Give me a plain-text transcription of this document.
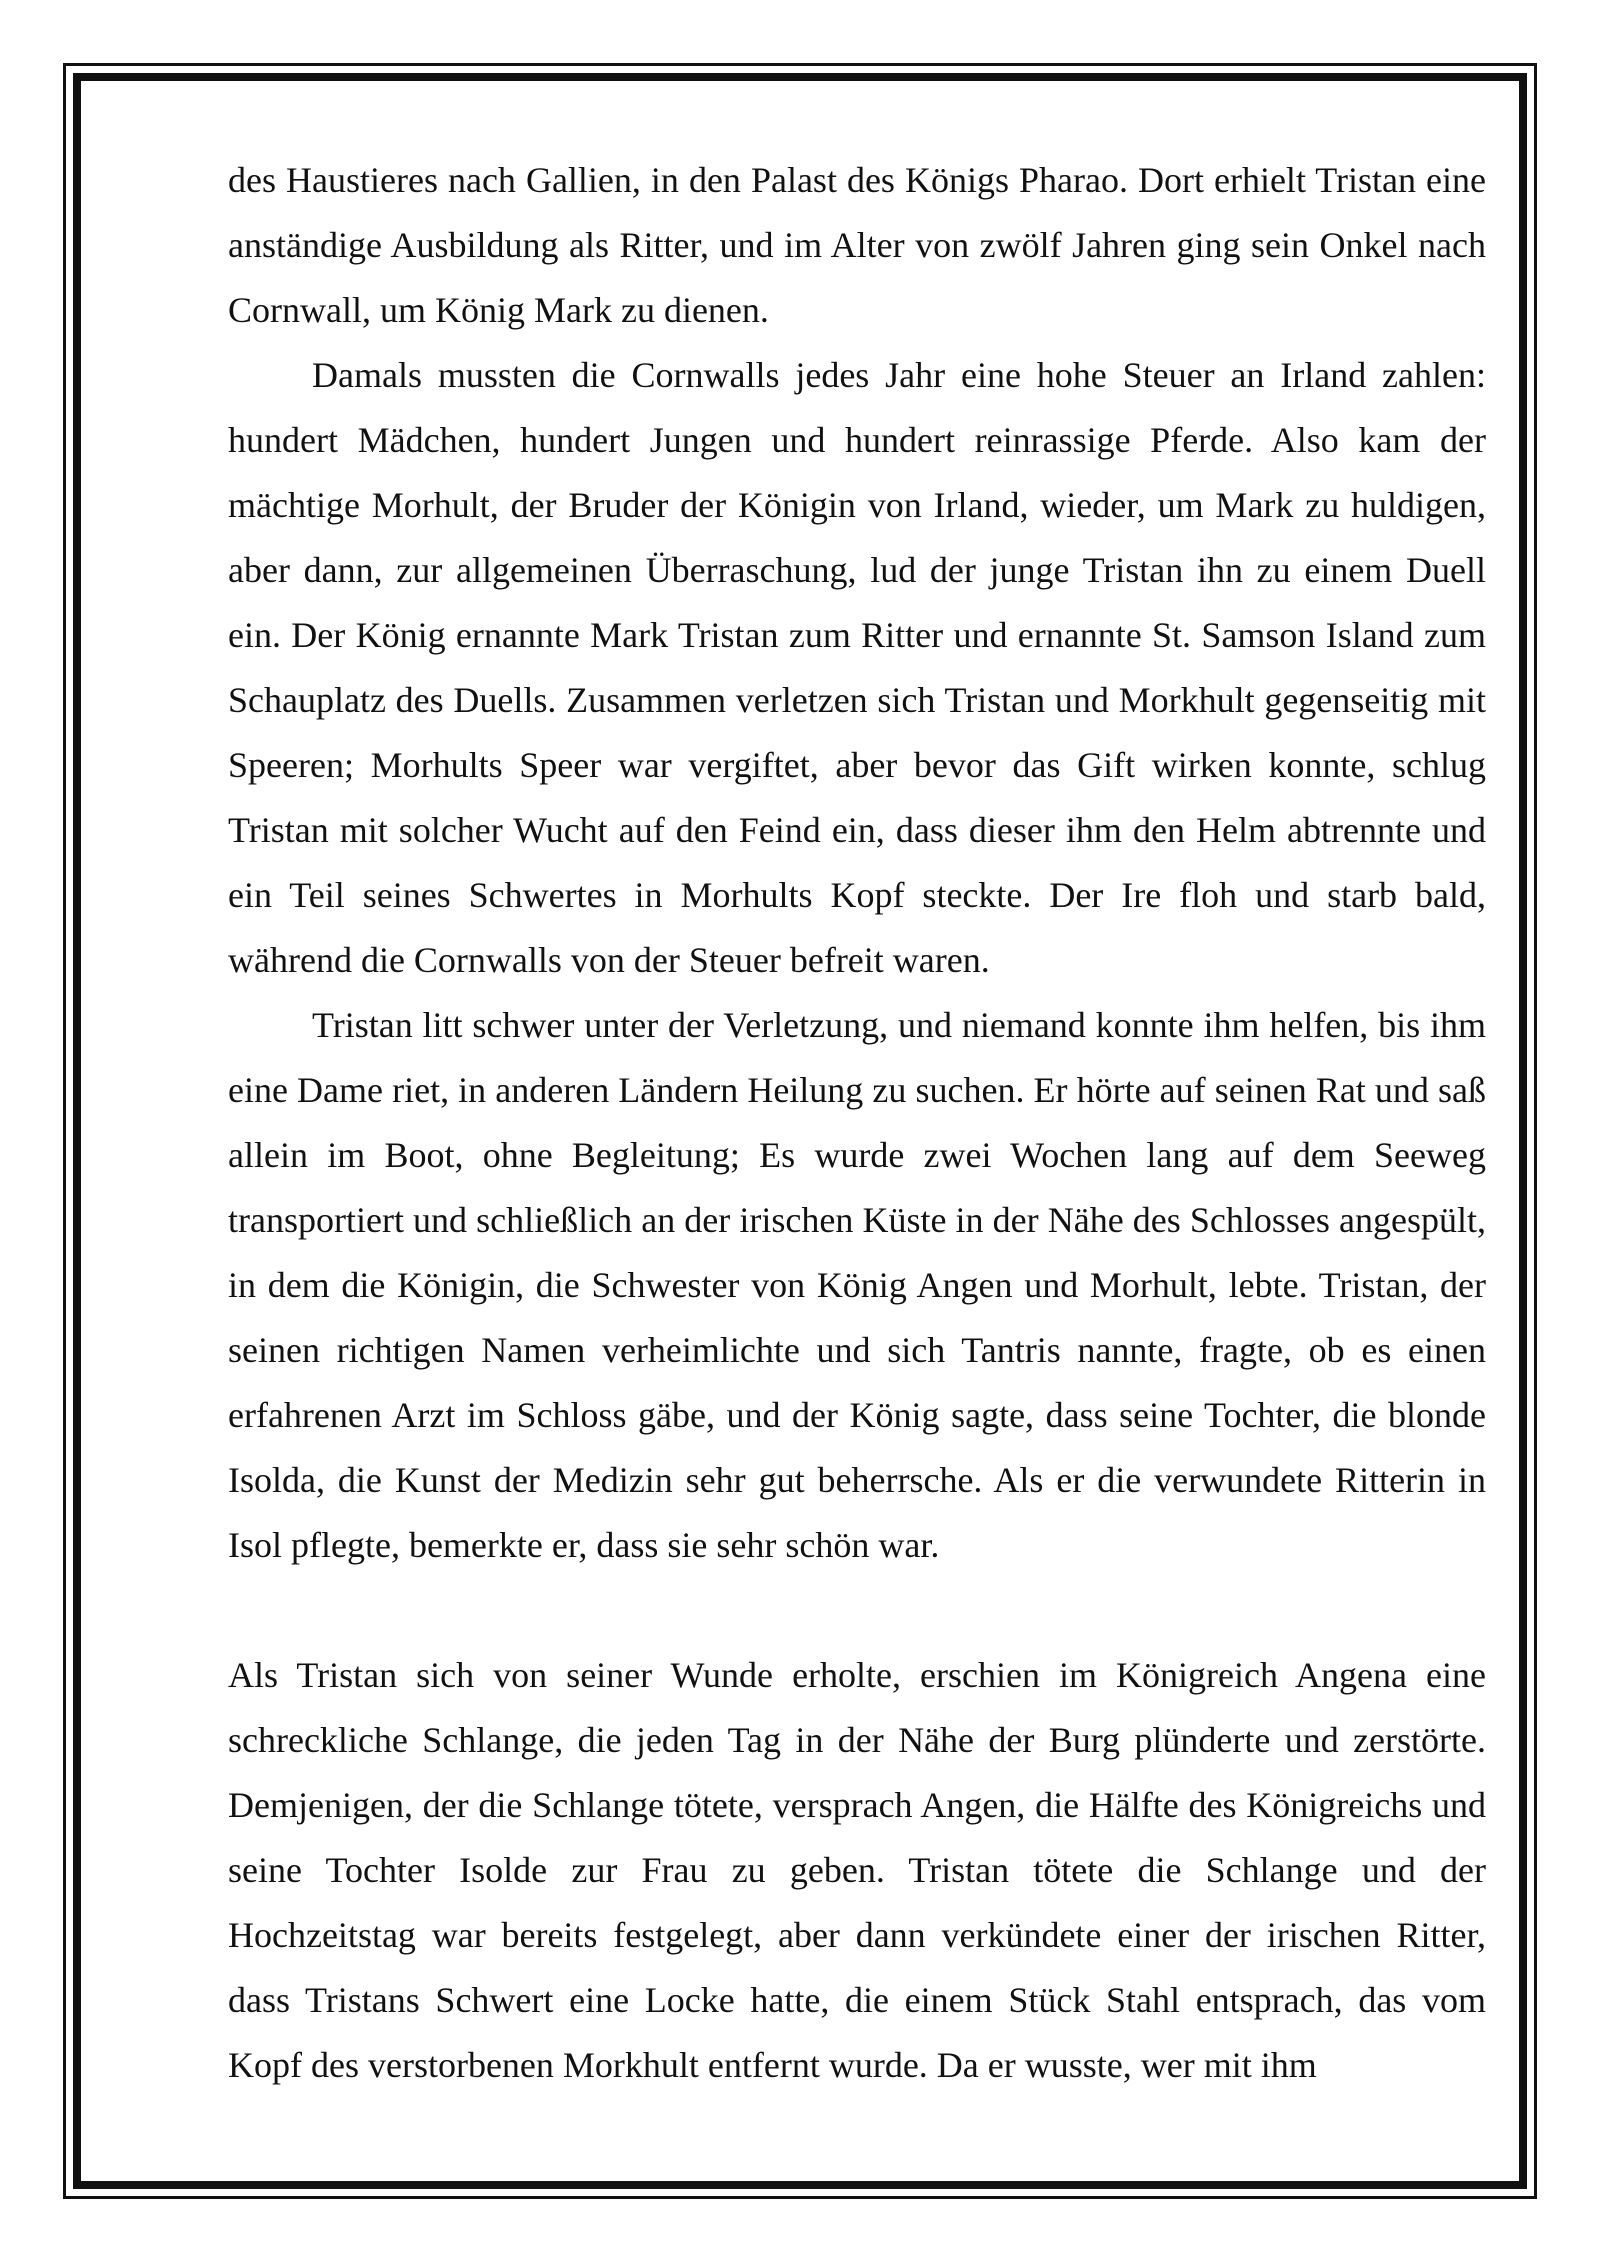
des Haustieres nach Gallien, in den Palast des Königs Pharao. Dort erhielt Tristan eine anständige Ausbildung als Ritter, und im Alter von zwölf Jahren ging sein Onkel nach Cornwall, um König Mark zu dienen.

Damals mussten die Cornwalls jedes Jahr eine hohe Steuer an Irland zahlen: hundert Mädchen, hundert Jungen und hundert reinrassige Pferde. Also kam der mächtige Morhult, der Bruder der Königin von Irland, wieder, um Mark zu huldigen, aber dann, zur allgemeinen Überraschung, lud der junge Tristan ihn zu einem Duell ein. Der König ernannte Mark Tristan zum Ritter und ernannte St. Samson Island zum Schauplatz des Duells. Zusammen verletzen sich Tristan und Morkhult gegenseitig mit Speeren; Morhults Speer war vergiftet, aber bevor das Gift wirken konnte, schlug Tristan mit solcher Wucht auf den Feind ein, dass dieser ihm den Helm abtrennte und ein Teil seines Schwertes in Morhults Kopf steckte. Der Ire floh und starb bald, während die Cornwalls von der Steuer befreit waren.

Tristan litt schwer unter der Verletzung, und niemand konnte ihm helfen, bis ihm eine Dame riet, in anderen Ländern Heilung zu suchen. Er hörte auf seinen Rat und saß allein im Boot, ohne Begleitung; Es wurde zwei Wochen lang auf dem Seeweg transportiert und schließlich an der irischen Küste in der Nähe des Schlosses angespült, in dem die Königin, die Schwester von König Angen und Morhult, lebte. Tristan, der seinen richtigen Namen verheimlichte und sich Tantris nannte, fragte, ob es einen erfahrenen Arzt im Schloss gäbe, und der König sagte, dass seine Tochter, die blonde Isolda, die Kunst der Medizin sehr gut beherrsche. Als er die verwundete Ritterin in Isol pflegte, bemerkte er, dass sie sehr schön war.

Als Tristan sich von seiner Wunde erholte, erschien im Königreich Angena eine schreckliche Schlange, die jeden Tag in der Nähe der Burg plünderte und zerstörte. Demjenigen, der die Schlange tötete, versprach Angen, die Hälfte des Königreichs und seine Tochter Isolde zur Frau zu geben. Tristan tötete die Schlange und der Hochzeitstag war bereits festgelegt, aber dann verkündete einer der irischen Ritter, dass Tristans Schwert eine Locke hatte, die einem Stück Stahl entsprach, das vom Kopf des verstorbenen Morkhult entfernt wurde. Da er wusste, wer mit ihm
